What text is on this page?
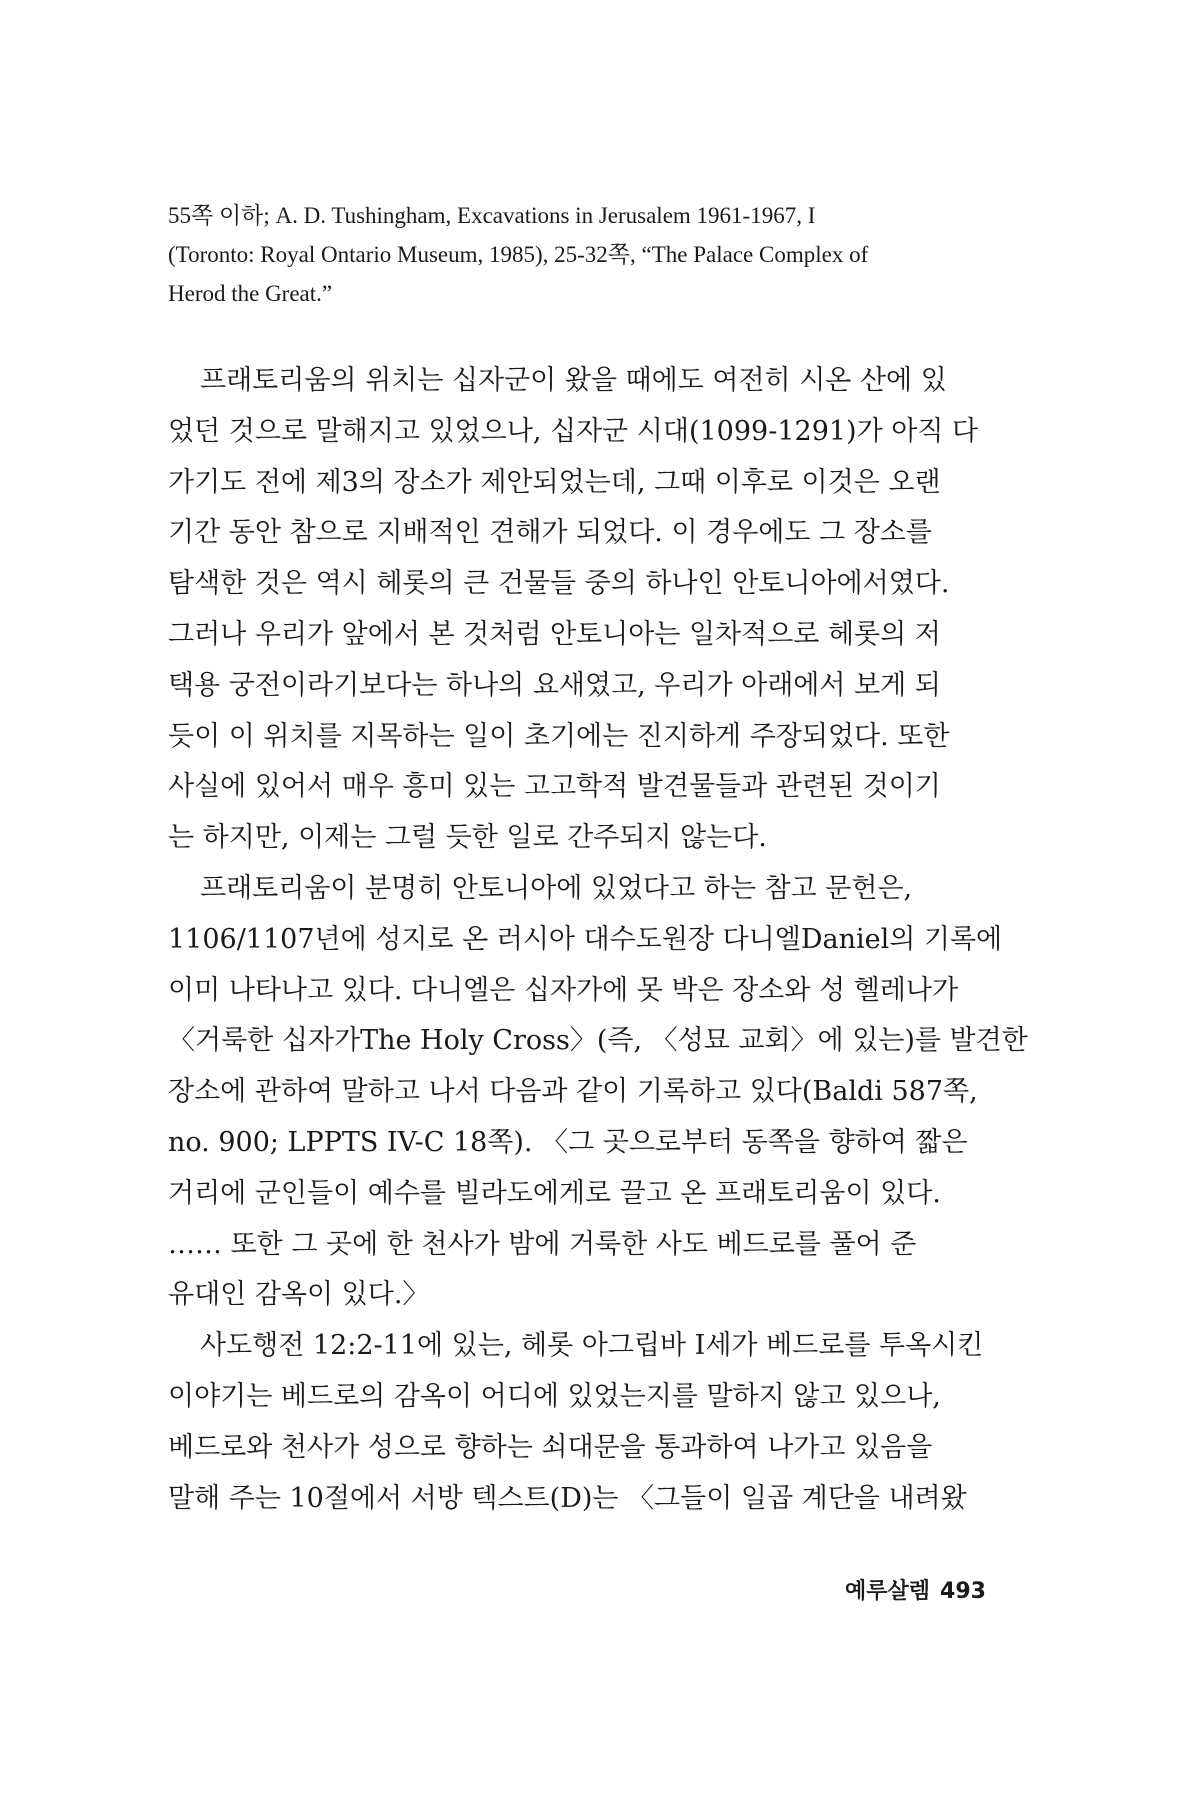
55쪽 이하; A. D. Tushingham, Excavations in Jerusalem 1961-1967, I
(Toronto: Royal Ontario Museum, 1985), 25-32쪽, “The Palace Complex of
Herod the Great.”
프래토리움의 위치는 십자군이 왔을 때에도 여전히 시온 산에 있
었던 것으로 말해지고 있었으나, 십자군 시대(1099-1291)가 아직 다
가기도 전에 제3의 장소가 제안되었는데, 그때 이후로 이것은 오랜
기간 동안 참으로 지배적인 견해가 되었다. 이 경우에도 그 장소를
탐색한 것은 역시 헤롯의 큰 건물들 중의 하나인 안토니아에서였다.
그러나 우리가 앞에서 본 것처럼 안토니아는 일차적으로 헤롯의 저
택용 궁전이라기보다는 하나의 요새였고, 우리가 아래에서 보게 되
듯이 이 위치를 지목하는 일이 초기에는 진지하게 주장되었다. 또한
사실에 있어서 매우 흥미 있는 고고학적 발견물들과 관련된 것이기
는 하지만, 이제는 그럴 듯한 일로 간주되지 않는다.
프래토리움이 분명히 안토니아에 있었다고 하는 참고 문헌은,
1106/1107년에 성지로 온 러시아 대수도원장 다니엘Daniel의 기록에
이미 나타나고 있다. 다니엘은 십자가에 못 박은 장소와 성 헬레나가
〈거룩한 십자가The Holy Cross〉(즉, 〈성묘 교회〉에 있는)를 발견한
장소에 관하여 말하고 나서 다음과 같이 기록하고 있다(Baldi 587쪽,
no. 900; LPPTS IV-C 18쪽). 〈그 곳으로부터 동쪽을 향하여 짧은
거리에 군인들이 예수를 빌라도에게로 끌고 온 프래토리움이 있다.
…… 또한 그 곳에 한 천사가 밤에 거룩한 사도 베드로를 풀어 준
유대인 감옥이 있다.〉
사도행전 12:2-11에 있는, 헤롯 아그립바 I세가 베드로를 투옥시킨
이야기는 베드로의 감옥이 어디에 있었는지를 말하지 않고 있으나,
베드로와 천사가 성으로 향하는 쇠대문을 통과하여 나가고 있음을
말해 주는 10절에서 서방 텍스트(D)는 〈그들이 일곱 계단을 내려왔
예루살렘 493
